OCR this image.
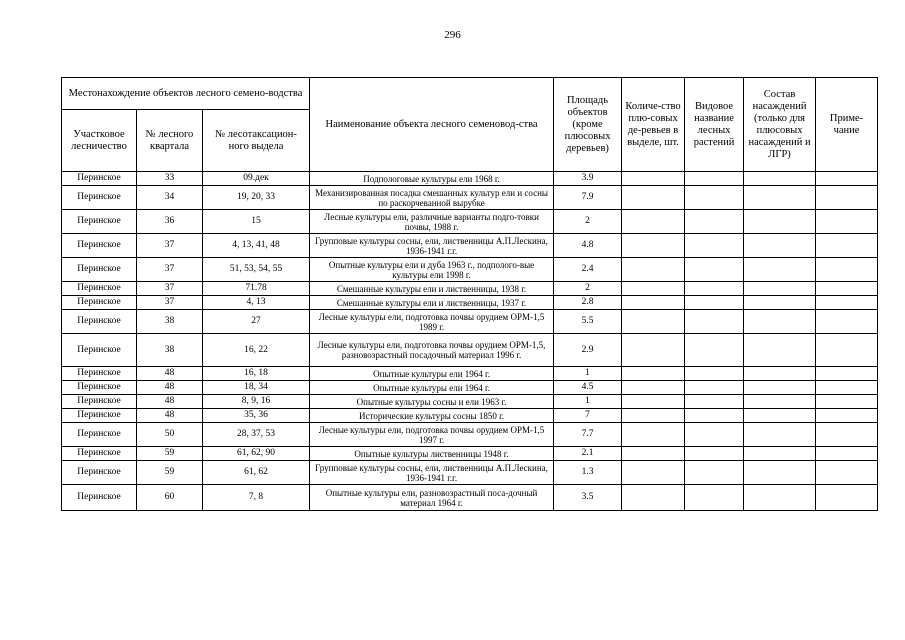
296
Местонахождение объектов лесного семено-водства			Наименование объекта лесного семеновод-ства	Площадь объектов (кроме плюсовых деревьев)	Количе-ство плю-совых де-ревьев в выделе, шт.	Видовое название лесных растений	Состав насаждений (только для плюсовых насаждений и ЛГР)	Приме-чание
Участковое лесничество	№ лесного квартала	№ лесотаксацион-ного выдела						
Перинское	33	09.дек	Подпологовые культуры ели 1968 г.	3.9				
Перинское	34	19, 20, 33	Механизированная посадка смешанных культур ели и сосны по раскорчеванной вырубке	7.9				
Перинское	36	15	Лесные культуры ели, различные варианты подго-товки почвы, 1988 г.	2				
Перинское	37	4, 13, 41, 48	Групповые культуры сосны, ели, лиственницы А.П.Лескина, 1936-1941 г.г.	4.8				
Перинское	37	51, 53, 54, 55	Опытные культуры ели и дуба 1963 г., подполого-вые культуры ели 1998 г.	2.4				
Перинское	37	71.78	Смешанные культуры ели и лиственницы, 1938 г.	2				
Перинское	37	4, 13	Смешанные культуры ели и лиственницы, 1937 г.	2.8				
Перинское	38	27	Лесные культуры ели, подготовка почвы орудием ОРМ-1,5 1989 г.	5.5				
Перинское	38	16, 22	Лесные культуры ели, подготовка почвы орудием ОРМ-1,5, разновозрастный посадочный материал 1996 г.	2.9				
Перинское	48	16, 18	Опытные культуры ели 1964 г.	1				
Перинское	48	18, 34	Опытные культуры ели 1964 г.	4.5				
Перинское	48	8, 9, 16	Опытные культуры сосны и ели 1963 г.	1				
Перинское	48	35, 36	Исторические культуры сосны 1850 г.	7				
Перинское	50	28, 37, 53	Лесные культуры ели, подготовка почвы орудием ОРМ-1,5 1997 г.	7.7				
Перинское	59	61, 62, 90	Опытные культуры лиственницы 1948 г.	2.1				
Перинское	59	61, 62	Групповые культуры сосны, ели, лиственницы А.П.Лескина, 1936-1941 г.г.	1.3				
Перинское	60	7, 8	Опытные культуры ели, разновозрастный поса-дочный материал 1964 г.	3.5				
